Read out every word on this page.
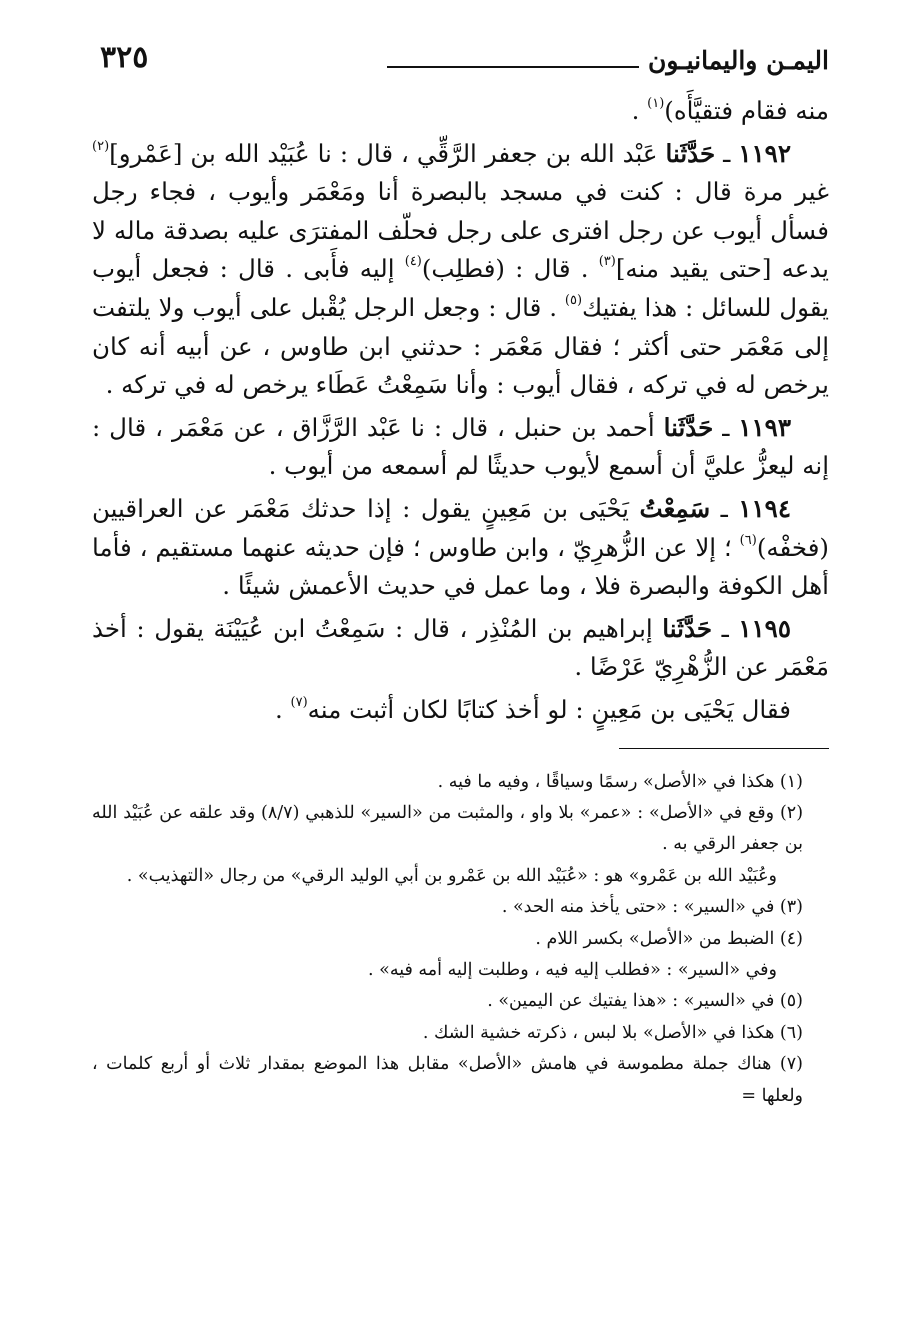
اليمـن واليمانيـون
٣٢٥

منه فقام فتقيَّأَه)$^{(١)}$ .

١١٩٢ ـ حَدَّثَنا عَبْد الله بن جعفر الرَّقِّي ، قال : نا عُبَيْد الله بن [عَمْرو]$^{(٢)}$ غير مرة قال : كنت في مسجد بالبصرة أنا ومَعْمَر وأيوب ، فجاء رجل فسأل أيوب عن رجل افترى على رجل فحلّف المفترَى عليه بصدقة ماله لا يدعه [حتى يقيد منه]$^{(٣)}$ . قال : (فطلِب)$^{(٤)}$ إليه فأَبى . قال : فجعل أيوب يقول للسائل : هذا يفتيك$^{(٥)}$ . قال : وجعل الرجل يُقْبل على أيوب ولا يلتفت إلى مَعْمَر حتى أكثر ؛ فقال مَعْمَر : حدثني ابن طاوس ، عن أبيه أنه كان يرخص له في تركه ، فقال أيوب : وأنا سَمِعْتُ عَطَاء يرخص له في تركه .

١١٩٣ ـ حَدَّثَنا أحمد بن حنبل ، قال : نا عَبْد الرَّزَّاق ، عن مَعْمَر ، قال : إنه ليعزُّ عليَّ أن أسمع لأيوب حديثًا لم أسمعه من أيوب .

١١٩٤ ـ سَمِعْتُ يَحْيَى بن مَعِينٍ يقول : إذا حدثك مَعْمَر عن العراقيين (فخفْه)$^{(٦)}$ ؛ إلا عن الزُّهرِيّ ، وابن طاوس ؛ فإن حديثه عنهما مستقيم ، فأما أهل الكوفة والبصرة فلا ، وما عمل في حديث الأعمش شيئًا .

١١٩٥ ـ حَدَّثَنا إبراهيم بن المُنْذِر ، قال : سَمِعْتُ ابن عُيَيْنَة يقول : أخذ مَعْمَر عن الزُّهْرِيّ عَرْضًا .

فقال يَحْيَى بن مَعِينٍ : لو أخذ كتابًا لكان أثبت منه$^{(٧)}$ .

(١) هكذا في «الأصل» رسمًا وسياقًا ، وفيه ما فيه .

(٢) وقع في «الأصل» : «عمر» بلا واو ، والمثبت من «السير» للذهبي (٨/٧) وقد علقه عن عُبَيْد الله بن جعفر الرقي به .

وعُبَيْد الله بن عَمْرو» هو : «عُبَيْد الله بن عَمْرو بن أبي الوليد الرقي» من رجال «التهذيب» .

(٣) في «السير» : «حتى يأخذ منه الحد» .

(٤) الضبط من «الأصل» بكسر اللام .

وفي «السير» : «فطلب إليه فيه ، وطلبت إليه أمه فيه» .

(٥) في «السير» : «هذا يفتيك عن اليمين» .

(٦) هكذا في «الأصل» بلا لبس ، ذكرته خشية الشك .

(٧) هناك جملة مطموسة في هامش «الأصل» مقابل هذا الموضع بمقدار ثلاث أو أربع كلمات ، ولعلها =
